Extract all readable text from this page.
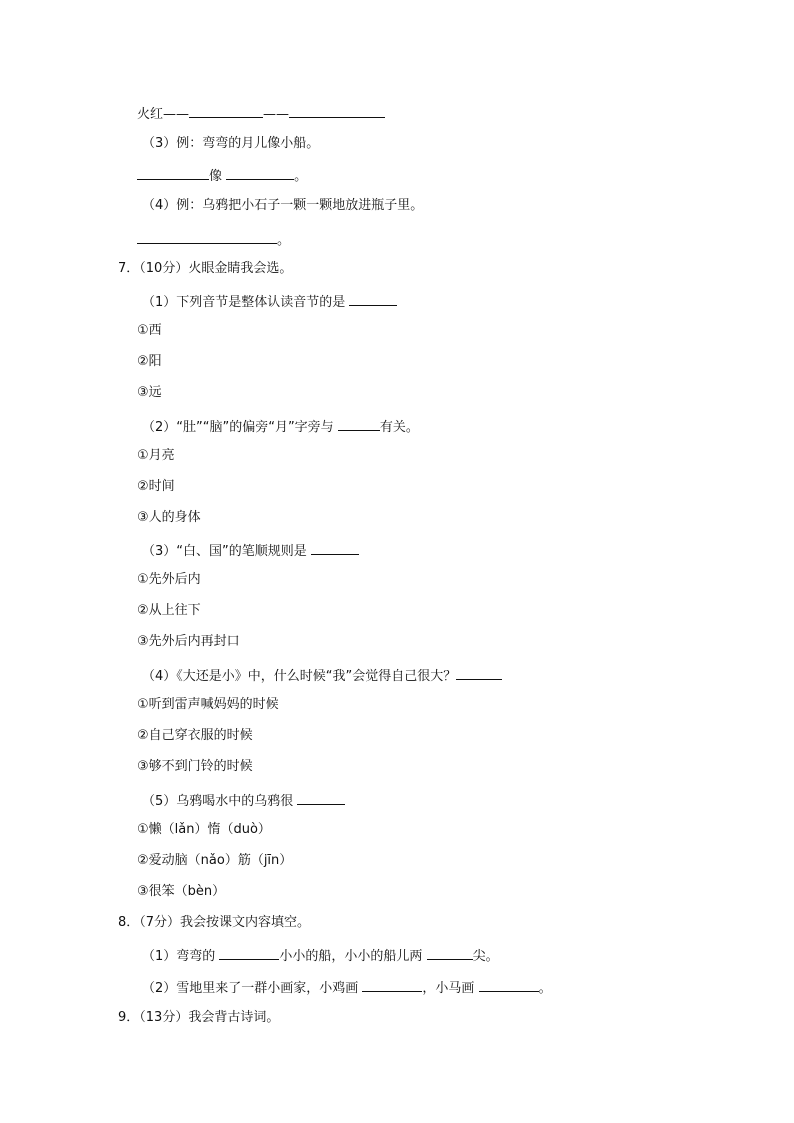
火红——	——
（3）例：弯弯的月儿像小船。
像	。
（4）例：乌鸦把小石子一颗一颗地放进瓶子里。
。
7．（10分）火眼金睛我会选。
（1）下列音节是整体认读音节的是
①西
②阳
③远
（2）“肚”“脑”的偏旁“月”字旁与	有关。
①月亮
②时间
③人的身体
（3）“白、国”的笔顺规则是
①先外后内
②从上往下
③先外后内再封口
（4）《大还是小》中，什么时候“我”会觉得自己很大？
①听到雷声喊妈妈的时候
②自己穿衣服的时候
③够不到门铃的时候
（5）乌鸦喝水中的乌鸦很
①懒（lǎn）惰（duò）
②爱动脑（nǎo）筋（jīn）
③很笨（bèn）
8．（7分）我会按课文内容填空。
（1）弯弯的	小小的船，小小的船儿两	尖。
（2）雪地里来了一群小画家，小鸡画	，小马画	。
9．（13分）我会背古诗词。
